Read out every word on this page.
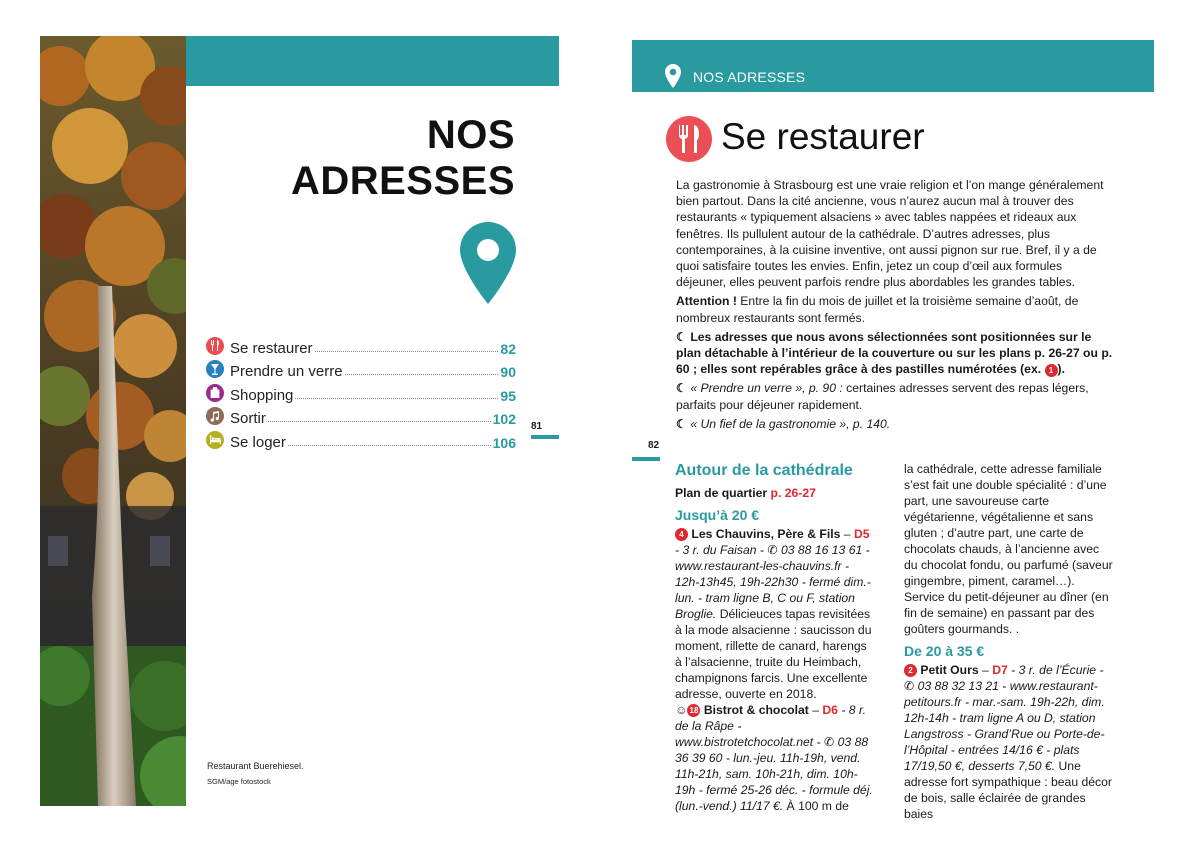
NOS
ADRESSES
Se restaurer	82
Prendre un verre	90
Shopping	95
Sortir	102
Se loger	106
81
Restaurant Buerehiesel.
SGM/age fotostock
NOS ADRESSES
Se restaurer

La gastronomie à Strasbourg est une vraie religion et l’on mange généralement bien partout. Dans la cité ancienne, vous n’aurez aucun mal à trouver des restaurants « typiquement alsaciens » avec tables nappées et rideaux aux fenêtres. Ils pullulent autour de la cathédrale. D’autres adresses, plus contemporaines, à la cuisine inventive, ont aussi pignon sur rue. Bref, il y a de quoi satisfaire toutes les envies. Enfin, jetez un coup d’œil aux formules déjeuner, elles peuvent parfois rendre plus abordables les grandes tables.

Attention ! Entre la fin du mois de juillet et la troisième semaine d’août, de nombreux restaurants sont fermés.

☾ Les adresses que nous avons sélectionnées sont positionnées sur le plan détachable à l’intérieur de la couverture ou sur les plans p. 26-27 ou p. 60 ; elles sont repérables grâce à des pastilles numérotées (ex. 1 ).

☾ « Prendre un verre », p. 90 : certaines adresses servent des repas légers, parfaits pour déjeuner rapidement.

☾ « Un fief de la gastronomie », p. 140.

82
Autour de la cathédrale
Plan de quartier p. 26-27
Jusqu’à 20 €

4 Les Chauvins, Père & Fils – D5 - 3 r. du Faisan - ✆ 03 88 16 13 61 - www.restaurant-les-chauvins.fr - 12h-13h45, 19h-22h30 - fermé dim.-lun. - tram ligne B, C ou F, station Broglie. Délicieuces tapas revisitées à la mode alsacienne : saucisson du moment, rillette de canard, harengs à l’alsacienne, truite du Heimbach, champignons farcis. Une excellente adresse, ouverte en 2018.

☺ 18 Bistrot & chocolat – D6 - 8 r. de la Râpe - www.bistrotetchocolat.net - ✆ 03 88 36 39 60 - lun.-jeu. 11h-19h, vend. 11h-21h, sam. 10h-21h, dim. 10h-19h - fermé 25-26 déc. - formule déj. (lun.-vend.) 11/17 €. À 100 m de

la cathédrale, cette adresse familiale s’est fait une double spécialité : d’une part, une savoureuse carte végétarienne, végétalienne et sans gluten ; d’autre part, une carte de chocolats chauds, à l’ancienne avec du chocolat fondu, ou parfumé (saveur gingembre, piment, caramel…). Service du petit-déjeuner au dîner (en fin de semaine) en passant par des goûters gourmands. .

De 20 à 35 €

2 Petit Ours – D7 - 3 r. de l’Écurie - ✆ 03 88 32 13 21 - www.restaurant-petitours.fr - mar.-sam. 19h-22h, dim. 12h-14h - tram ligne A ou D, station Langstross - Grand’Rue ou Porte-de-l’Hôpital - entrées 14/16 € - plats 17/19,50 €, desserts 7,50 €. Une adresse fort sympathique : beau décor de bois, salle éclairée de grandes baies
